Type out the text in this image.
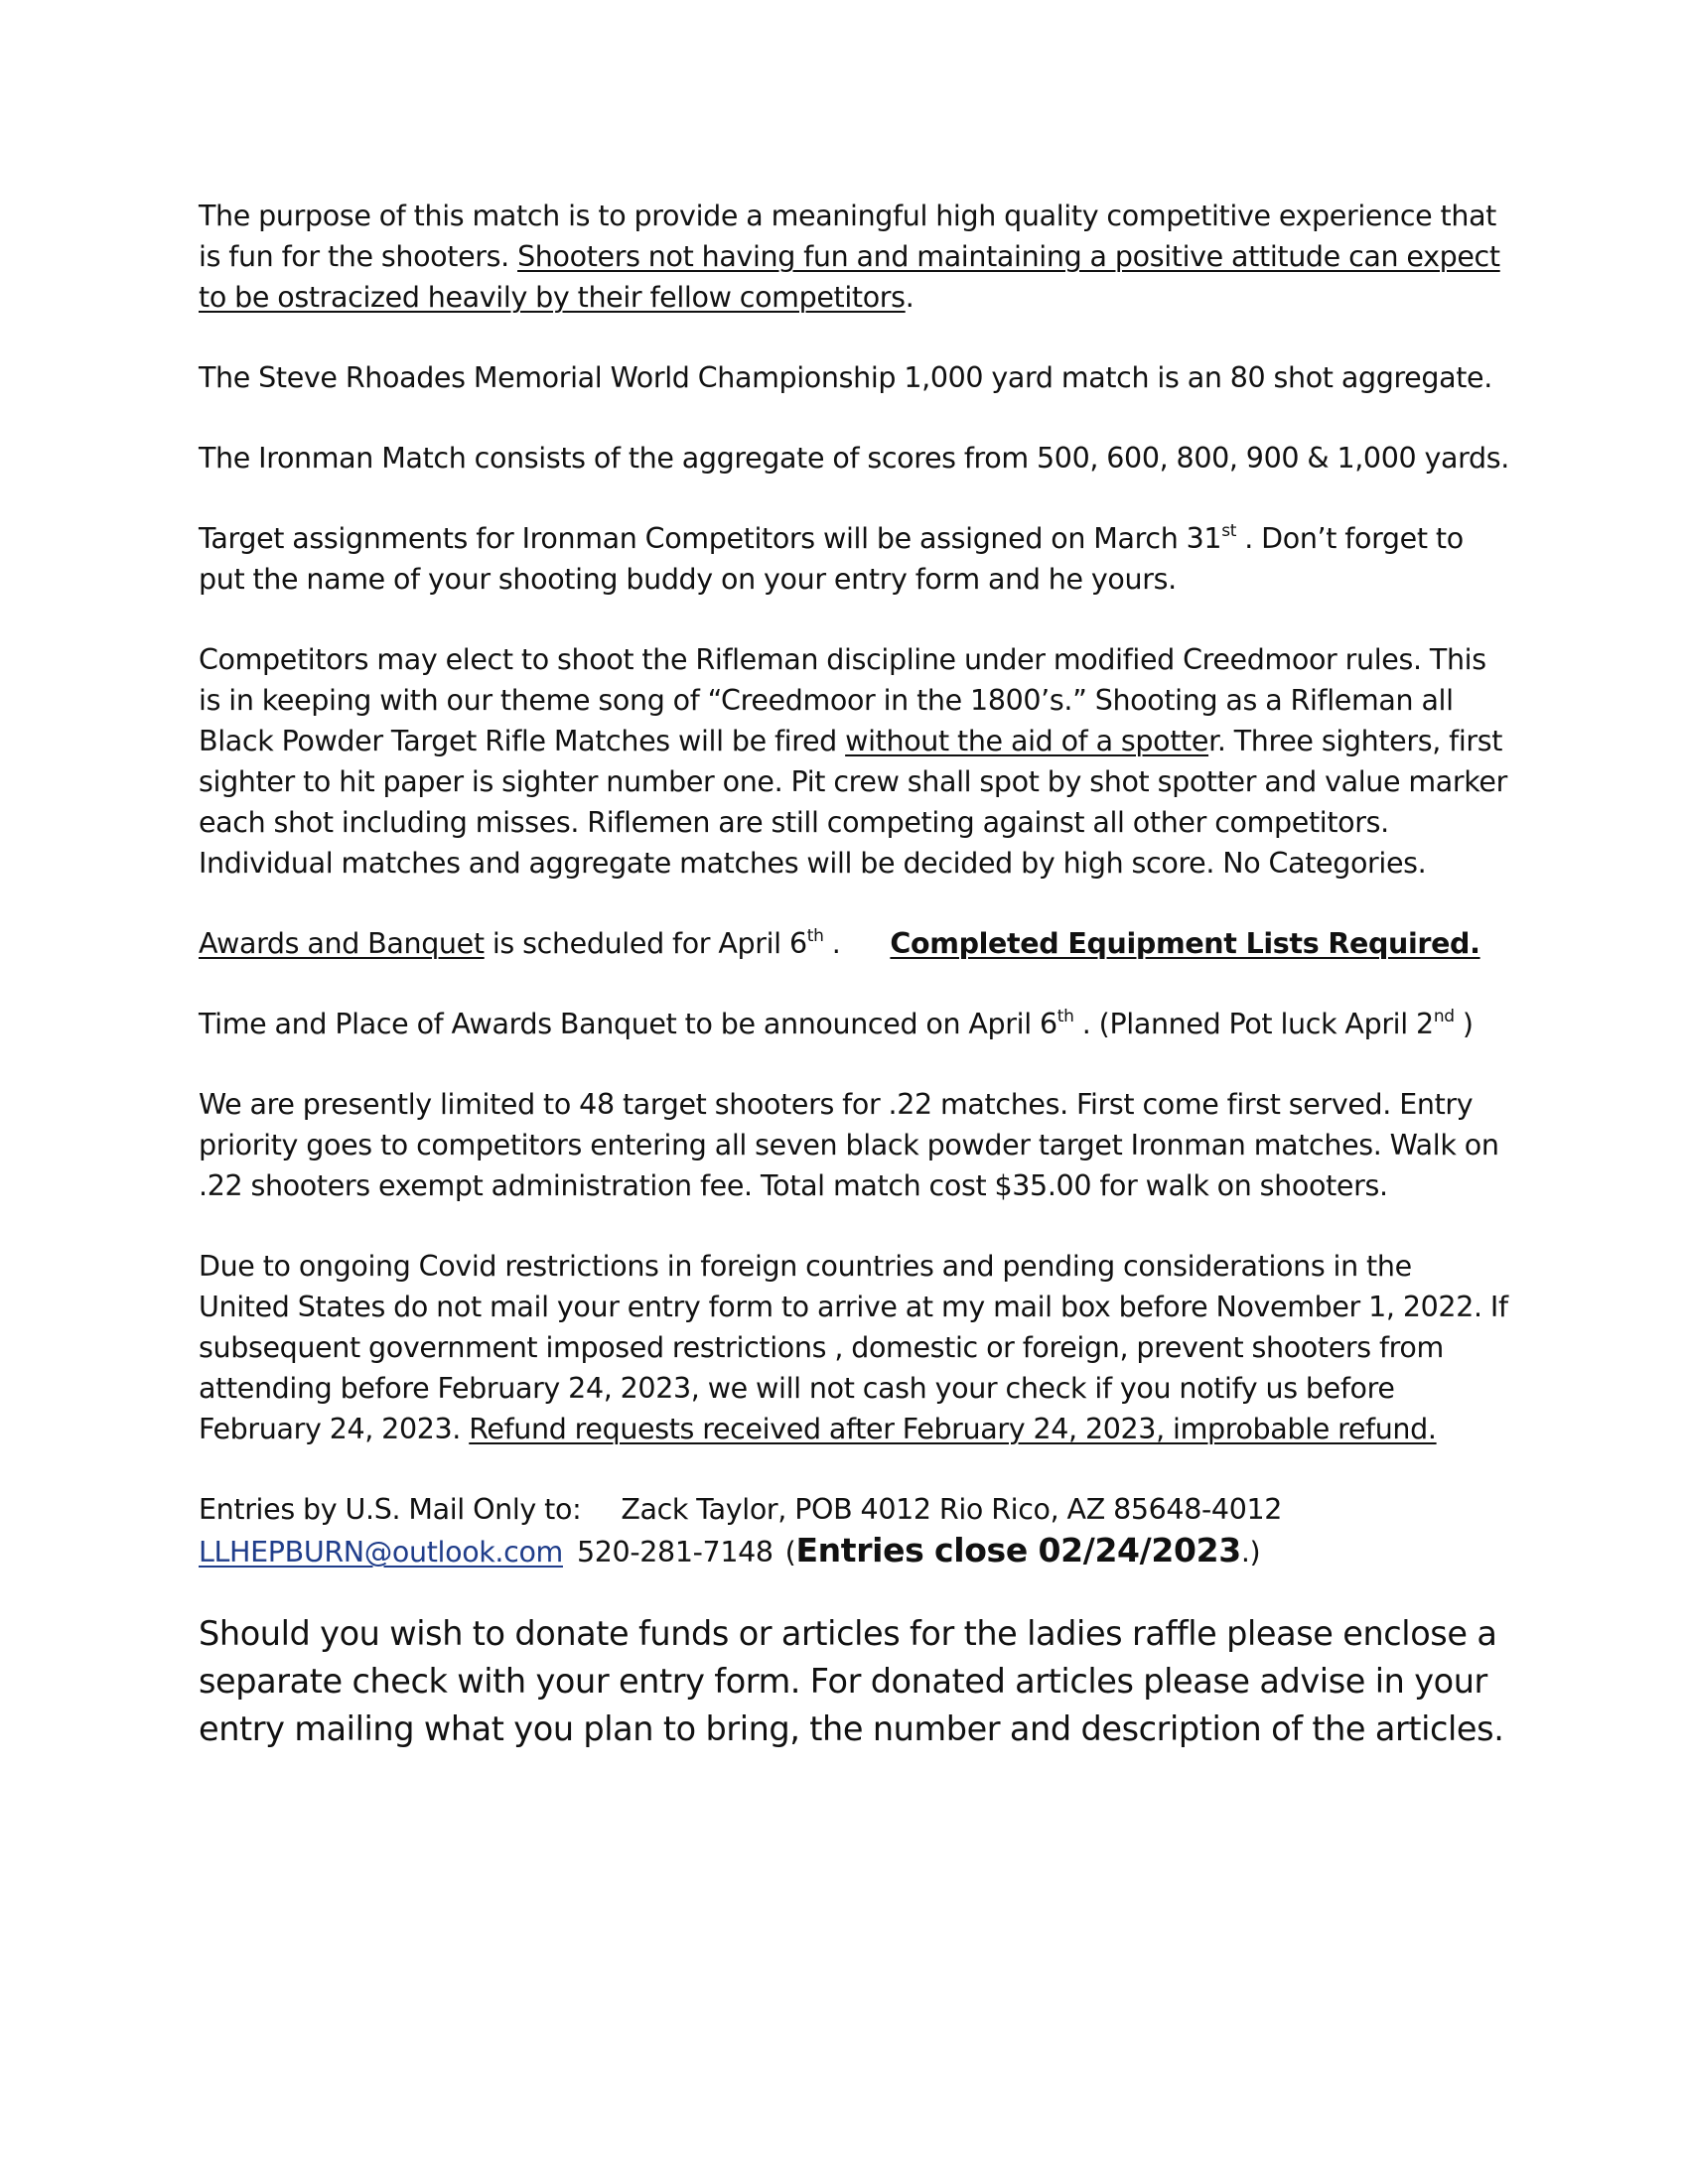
The purpose of this match is to provide a meaningful high quality competitive experience that is fun for the shooters. Shooters not having fun and maintaining a positive attitude can expect to be ostracized heavily by their fellow competitors.

The Steve Rhoades Memorial World Championship 1,000 yard match is an 80 shot aggregate.

The Ironman Match consists of the aggregate of scores from 500, 600, 800, 900 & 1,000 yards.

Target assignments for Ironman Competitors will be assigned on March 31st . Don’t forget to put the name of your shooting buddy on your entry form and he yours.

Competitors may elect to shoot the Rifleman discipline under modified Creedmoor rules. This is in keeping with our theme song of “Creedmoor in the 1800’s.” Shooting as a Rifleman all Black Powder Target Rifle Matches will be fired without the aid of a spotter. Three sighters, first sighter to hit paper is sighter number one. Pit crew shall spot by shot spotter and value marker each shot including misses. Riflemen are still competing against all other competitors. Individual matches and aggregate matches will be decided by high score. No Categories.

Awards and Banquet is scheduled for April 6th . Completed Equipment Lists Required.

Time and Place of Awards Banquet to be announced on April 6th . (Planned Pot luck April 2nd )

We are presently limited to 48 target shooters for .22 matches. First come first served. Entry priority goes to competitors entering all seven black powder target Ironman matches. Walk on .22 shooters exempt administration fee. Total match cost $35.00 for walk on shooters.

Due to ongoing Covid restrictions in foreign countries and pending considerations in the United States do not mail your entry form to arrive at my mail box before November 1, 2022. If subsequent government imposed restrictions , domestic or foreign, prevent shooters from attending before February 24, 2023, we will not cash your check if you notify us before February 24, 2023. Refund requests received after February 24, 2023, improbable refund.

Entries by U.S. Mail Only to: Zack Taylor, POB 4012 Rio Rico, AZ 85648-4012

LLHEPBURN@outlook.com 520-281-7148 (Entries close 02/24/2023.)

Should you wish to donate funds or articles for the ladies raffle please enclose a separate check with your entry form. For donated articles please advise in your entry mailing what you plan to bring, the number and description of the articles.
